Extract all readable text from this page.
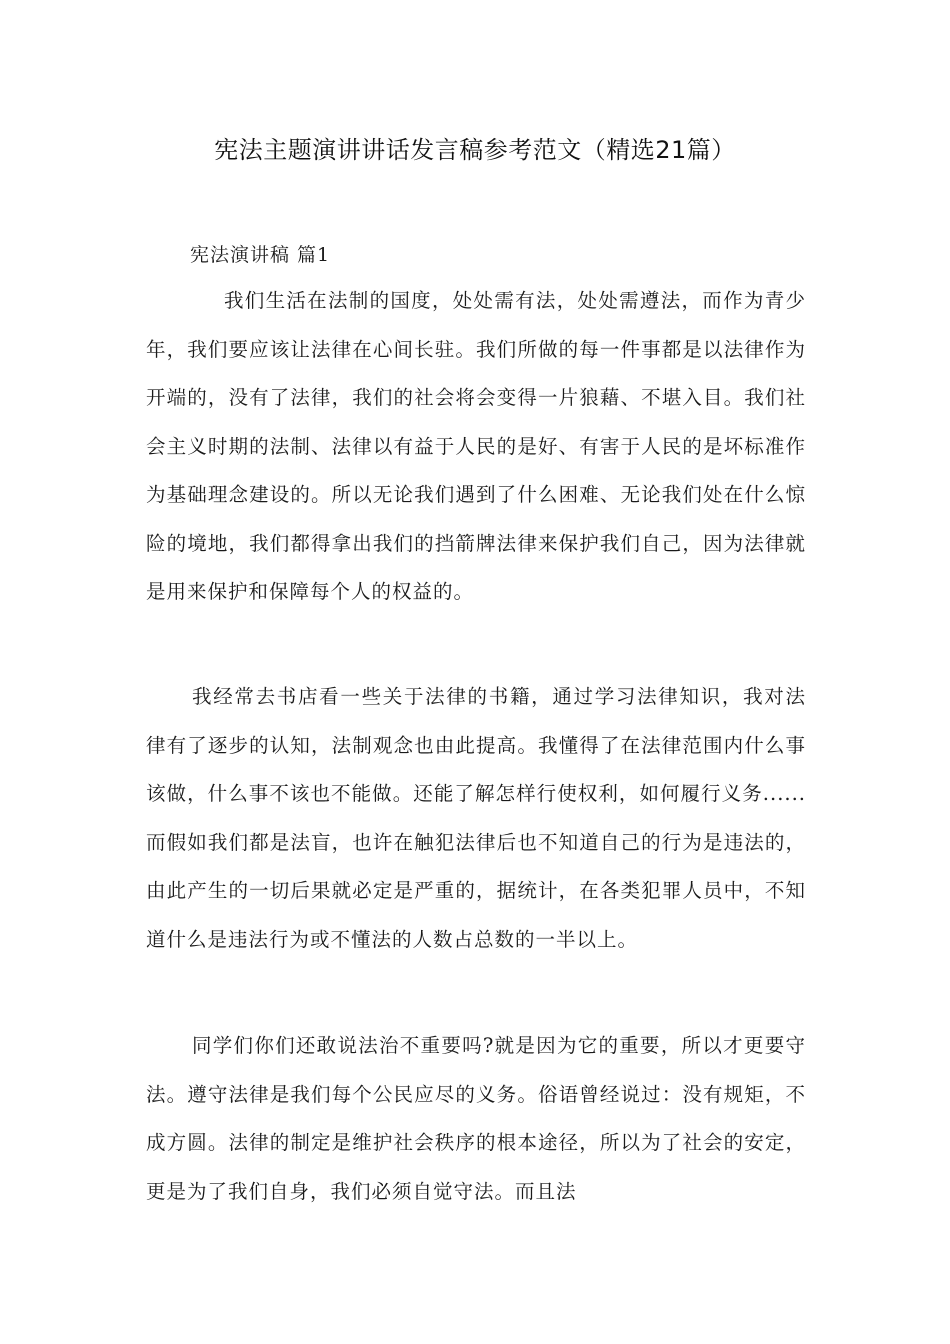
宪法主题演讲讲话发言稿参考范文（精选21篇）
宪法演讲稿 篇1

我们生活在法制的国度，处处需有法，处处需遵法，而作为青少年，我们要应该让法律在心间长驻。我们所做的每一件事都是以法律作为开端的，没有了法律，我们的社会将会变得一片狼藉、不堪入目。我们社会主义时期的法制、法律以有益于人民的是好、有害于人民的是坏标准作为基础理念建设的。所以无论我们遇到了什么困难、无论我们处在什么惊险的境地，我们都得拿出我们的挡箭牌法律来保护我们自己，因为法律就是用来保护和保障每个人的权益的。

我经常去书店看一些关于法律的书籍，通过学习法律知识，我对法律有了逐步的认知，法制观念也由此提高。我懂得了在法律范围内什么事该做，什么事不该也不能做。还能了解怎样行使权利，如何履行义务......而假如我们都是法盲，也许在触犯法律后也不知道自己的行为是违法的，由此产生的一切后果就必定是严重的，据统计，在各类犯罪人员中，不知道什么是违法行为或不懂法的人数占总数的一半以上。

同学们你们还敢说法治不重要吗?就是因为它的重要，所以才更要守法。遵守法律是我们每个公民应尽的义务。俗语曾经说过：没有规矩，不成方圆。法律的制定是维护社会秩序的根本途径，所以为了社会的安定，更是为了我们自身，我们必须自觉守法。而且法
